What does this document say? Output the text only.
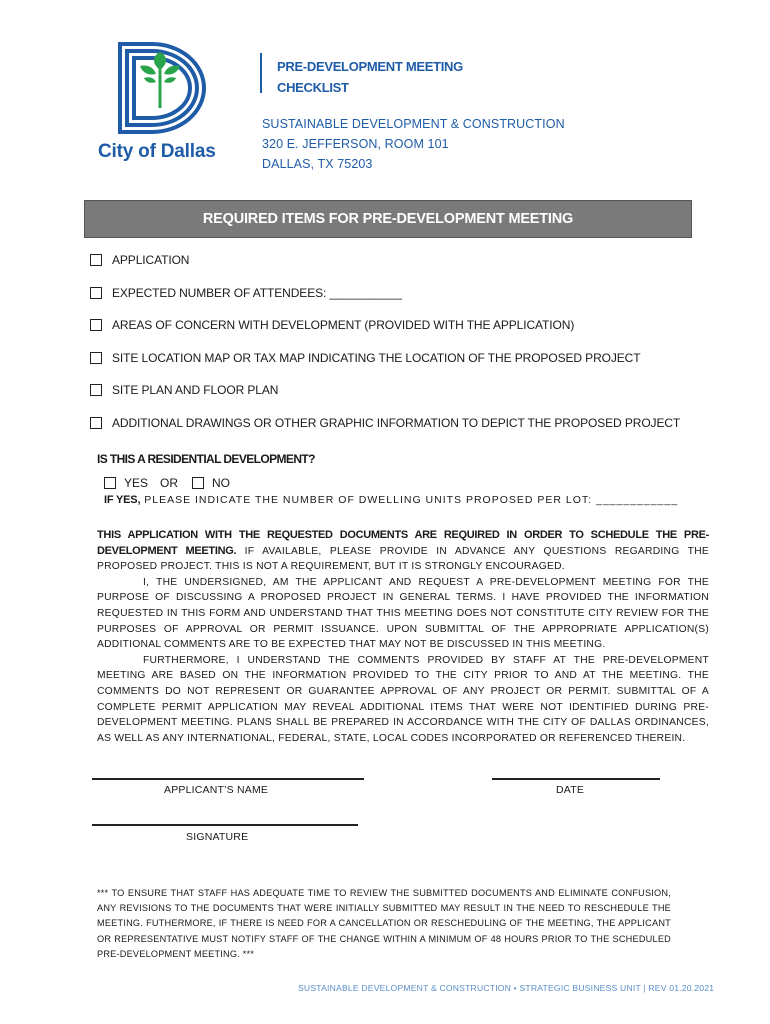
City of Dallas
PRE-DEVELOPMENT MEETING
CHECKLIST
SUSTAINABLE DEVELOPMENT & CONSTRUCTION
320 E. JEFFERSON, ROOM 101
DALLAS, TX 75203
REQUIRED ITEMS FOR PRE-DEVELOPMENT MEETING
APPLICATION
EXPECTED NUMBER OF ATTENDEES: ___________
AREAS OF CONCERN WITH DEVELOPMENT (PROVIDED WITH THE APPLICATION)
SITE LOCATION MAP OR TAX MAP INDICATING THE LOCATION OF THE PROPOSED PROJECT
SITE PLAN AND FLOOR PLAN
ADDITIONAL DRAWINGS OR OTHER GRAPHIC INFORMATION TO DEPICT THE PROPOSED PROJECT
IS THIS A RESIDENTIAL DEVELOPMENT?
YES OR	NO
IF YES, PLEASE INDICATE THE NUMBER OF DWELLING UNITS PROPOSED PER LOT: ____________

THIS APPLICATION WITH THE REQUESTED DOCUMENTS ARE REQUIRED IN ORDER TO SCHEDULE THE PRE-DEVELOPMENT MEETING. IF AVAILABLE, PLEASE PROVIDE IN ADVANCE ANY QUESTIONS REGARDING THE PROPOSED PROJECT. THIS IS NOT A REQUIREMENT, BUT IT IS STRONGLY ENCOURAGED.

I, THE UNDERSIGNED, AM THE APPLICANT AND REQUEST A PRE-DEVELOPMENT MEETING FOR THE PURPOSE OF DISCUSSING A PROPOSED PROJECT IN GENERAL TERMS. I HAVE PROVIDED THE INFORMATION REQUESTED IN THIS FORM AND UNDERSTAND THAT THIS MEETING DOES NOT CONSTITUTE CITY REVIEW FOR THE PURPOSES OF APPROVAL OR PERMIT ISSUANCE. UPON SUBMITTAL OF THE APPROPRIATE APPLICATION(S) ADDITIONAL COMMENTS ARE TO BE EXPECTED THAT MAY NOT BE DISCUSSED IN THIS MEETING.

FURTHERMORE, I UNDERSTAND THE COMMENTS PROVIDED BY STAFF AT THE PRE-DEVELOPMENT MEETING ARE BASED ON THE INFORMATION PROVIDED TO THE CITY PRIOR TO AND AT THE MEETING. THE COMMENTS DO NOT REPRESENT OR GUARANTEE APPROVAL OF ANY PROJECT OR PERMIT. SUBMITTAL OF A COMPLETE PERMIT APPLICATION MAY REVEAL ADDITIONAL ITEMS THAT WERE NOT IDENTIFIED DURING PRE-DEVELOPMENT MEETING. PLANS SHALL BE PREPARED IN ACCORDANCE WITH THE CITY OF DALLAS ORDINANCES, AS WELL AS ANY INTERNATIONAL, FEDERAL, STATE, LOCAL CODES INCORPORATED OR REFERENCED THEREIN.

APPLICANT’S NAME	DATE
SIGNATURE
*** TO ENSURE THAT STAFF HAS ADEQUATE TIME TO REVIEW THE SUBMITTED DOCUMENTS AND ELIMINATE CONFUSION, ANY REVISIONS TO THE DOCUMENTS THAT WERE INITIALLY SUBMITTED MAY RESULT IN THE NEED TO RESCHEDULE THE MEETING. FUTHERMORE, IF THERE IS NEED FOR A CANCELLATION OR RESCHEDULING OF THE MEETING, THE APPLICANT OR REPRESENTATIVE MUST NOTIFY STAFF OF THE CHANGE WITHIN A MINIMUM OF 48 HOURS PRIOR TO THE SCHEDULED PRE-DEVELOPMENT MEETING. ***
SUSTAINABLE DEVELOPMENT & CONSTRUCTION • STRATEGIC BUSINESS UNIT | REV 01.20.2021
